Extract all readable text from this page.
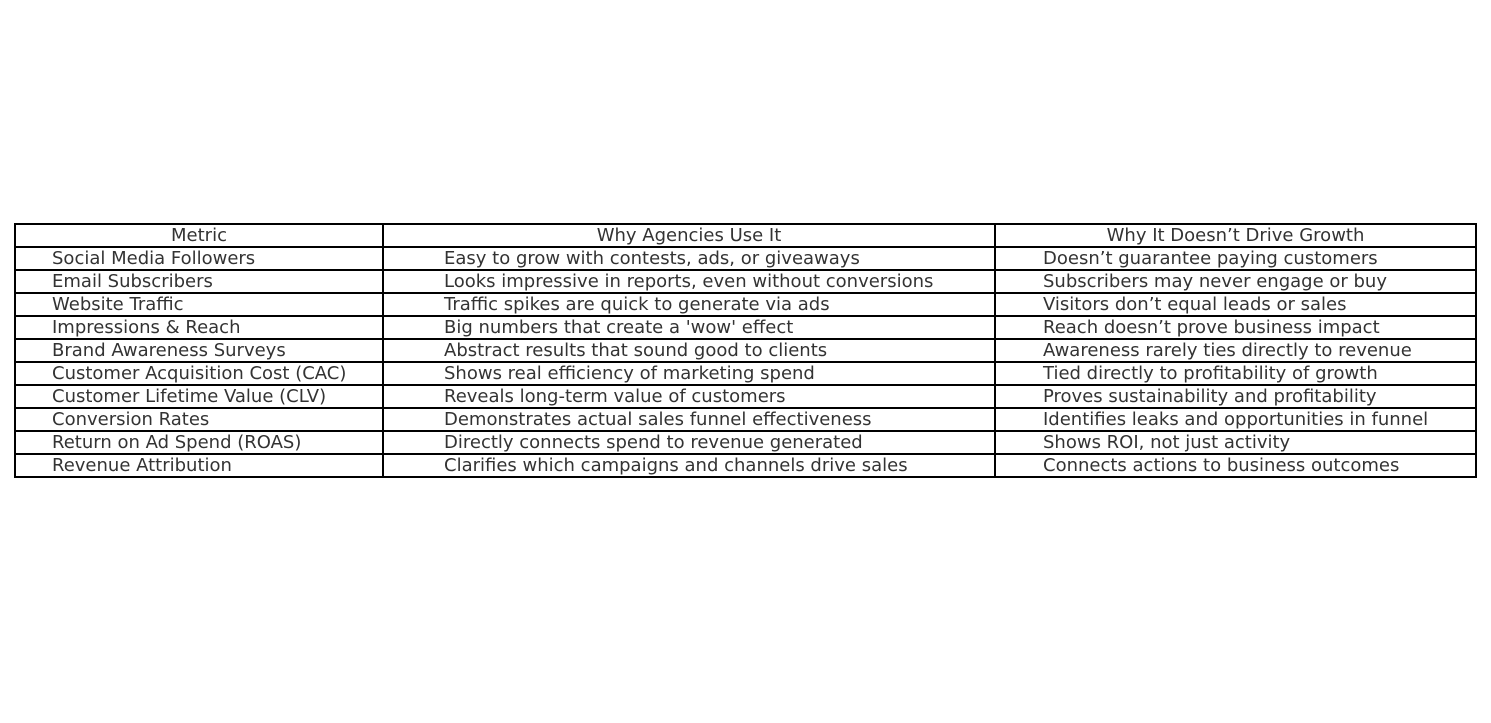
Metric	Why Agencies Use It	Why It Doesn’t Drive Growth
Social Media Followers	Easy to grow with contests, ads, or giveaways	Doesn’t guarantee paying customers
Email Subscribers	Looks impressive in reports, even without conversions	Subscribers may never engage or buy
Website Traffic	Traffic spikes are quick to generate via ads	Visitors don’t equal leads or sales
Impressions & Reach	Big numbers that create a 'wow' effect	Reach doesn’t prove business impact
Brand Awareness Surveys	Abstract results that sound good to clients	Awareness rarely ties directly to revenue
Customer Acquisition Cost (CAC)	Shows real efficiency of marketing spend	Tied directly to profitability of growth
Customer Lifetime Value (CLV)	Reveals long-term value of customers	Proves sustainability and profitability
Conversion Rates	Demonstrates actual sales funnel effectiveness	Identifies leaks and opportunities in funnel
Return on Ad Spend (ROAS)	Directly connects spend to revenue generated	Shows ROI, not just activity
Revenue Attribution	Clarifies which campaigns and channels drive sales	Connects actions to business outcomes
